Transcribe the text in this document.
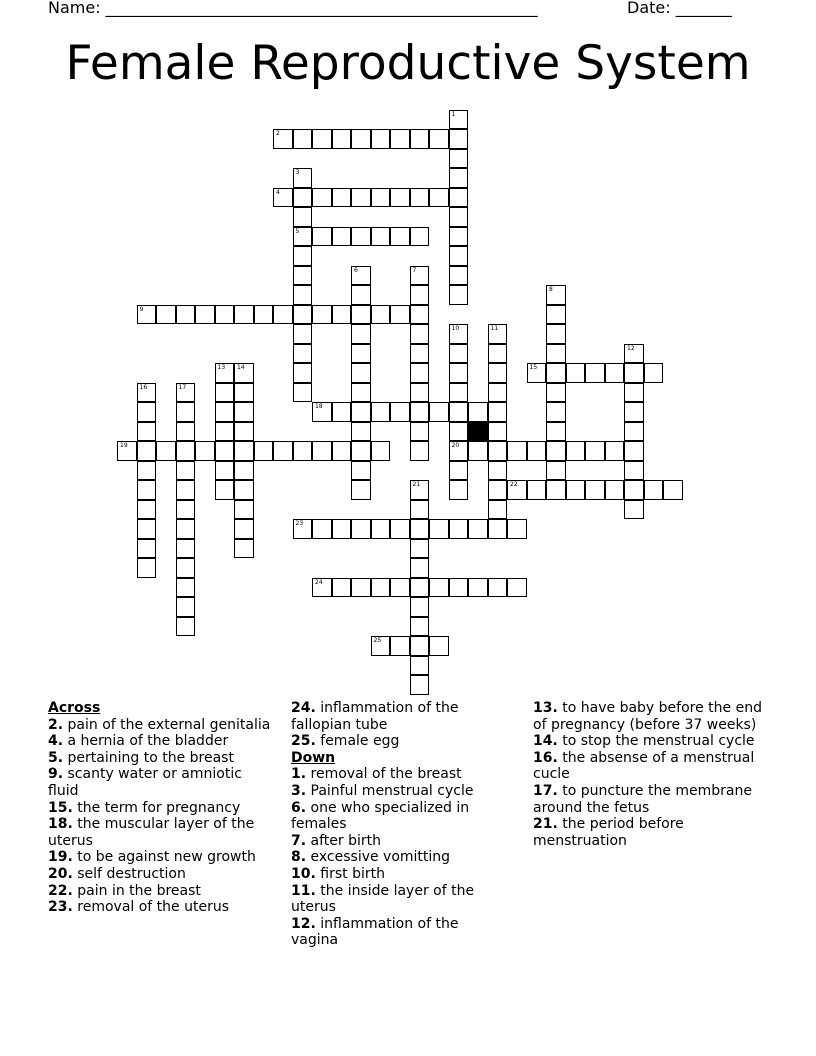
Name: ______________________________________________________	Date: _______
Female Reproductive System
1
2
3
5
4
6	7
8
9
10
20
11
12
13 14	15
16	17
18
19
21	22
23
24
25
Across
2. pain of the external genitalia
4. a hernia of the bladder
5. pertaining to the breast
9. scanty water or amniotic fluid
15. the term for pregnancy
18. the muscular layer of the uterus
19. to be against new growth
20. self destruction
22. pain in the breast
23. removal of the uterus
24. inflammation of the fallopian tube
25. female egg
Down
1. removal of the breast
3. Painful menstrual cycle
6. one who specialized in females
7. after birth
8. excessive vomitting
10. first birth
11. the inside layer of the uterus
12. inflammation of the vagina
13. to have baby before the end of pregnancy (before 37 weeks)
14. to stop the menstrual cycle
16. the absense of a menstrual cucle
17. to puncture the membrane around the fetus
21. the period before menstruation
